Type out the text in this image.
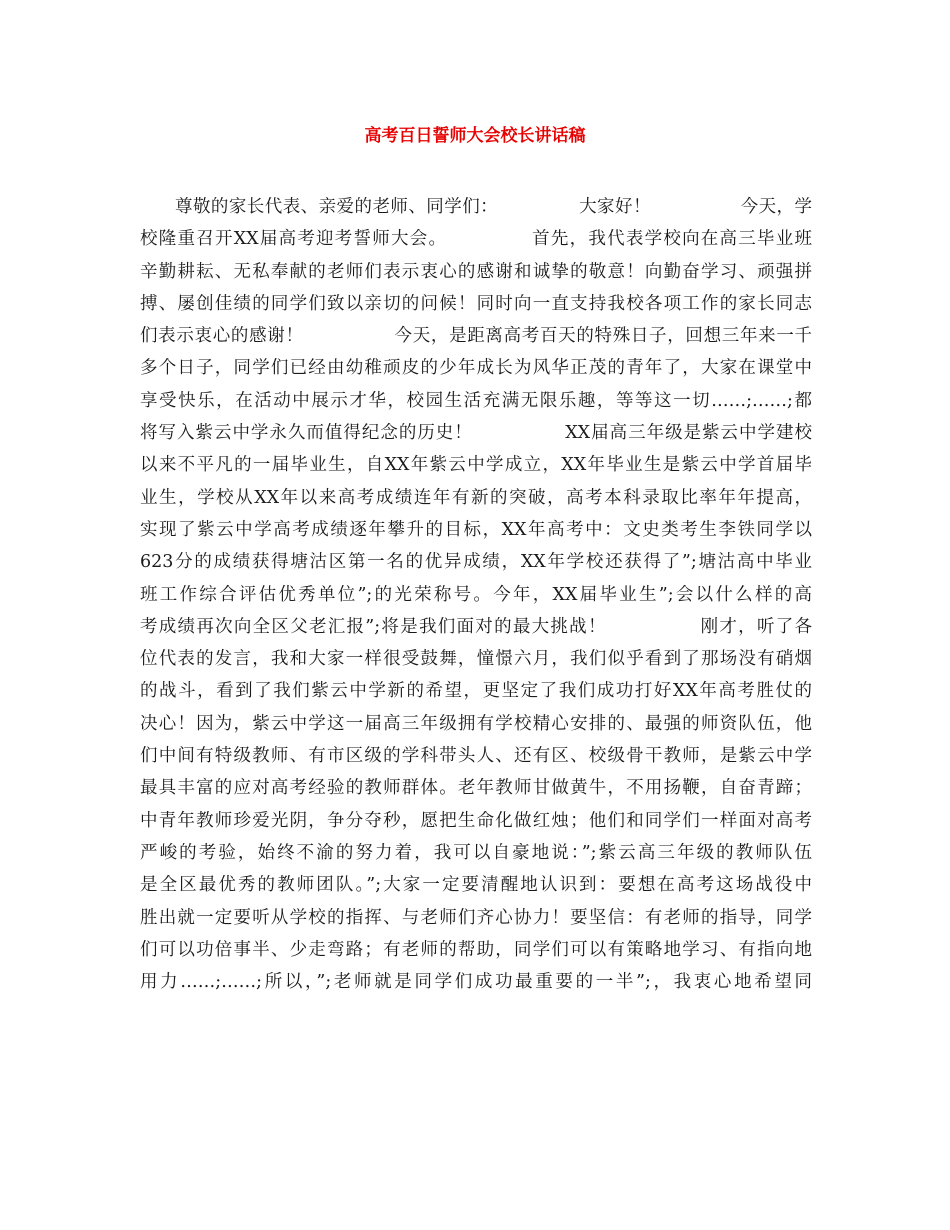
高考百日誓师大会校长讲话稿
尊敬的家长代表、亲爱的老师、同学们：　　　　　大家好！　　　　　今天，学
校隆重召开XX届高考迎考誓师大会。　　　　　首先，我代表学校向在高三毕业班
辛勤耕耘、无私奉献的老师们表示衷心的感谢和诚挚的敬意！向勤奋学习、顽强拼
搏、屡创佳绩的同学们致以亲切的问候！同时向一直支持我校各项工作的家长同志
们表示衷心的感谢！　　　　　今天，是距离高考百天的特殊日子，回想三年来一千
多个日子，同学们已经由幼稚顽皮的少年成长为风华正茂的青年了，大家在课堂中
享受快乐，在活动中展示才华，校园生活充满无限乐趣，等等这一切……;……;都
将写入紫云中学永久而值得纪念的历史！　　　　　XX届高三年级是紫云中学建校
以来不平凡的一届毕业生，自XX年紫云中学成立，XX年毕业生是紫云中学首届毕
业生，学校从XX年以来高考成绩连年有新的突破，高考本科录取比率年年提高，
实现了紫云中学高考成绩逐年攀升的目标，XX年高考中：文史类考生李铁同学以
623分的成绩获得塘沽区第一名的优异成绩，XX年学校还获得了”;塘沽高中毕业
班工作综合评估优秀单位”;的光荣称号。今年，XX届毕业生”;会以什么样的高
考成绩再次向全区父老汇报”;将是我们面对的最大挑战！　　　　　刚才，听了各
位代表的发言，我和大家一样很受鼓舞，憧憬六月，我们似乎看到了那场没有硝烟
的战斗，看到了我们紫云中学新的希望，更坚定了我们成功打好XX年高考胜仗的
决心！因为，紫云中学这一届高三年级拥有学校精心安排的、最强的师资队伍，他
们中间有特级教师、有市区级的学科带头人、还有区、校级骨干教师，是紫云中学
最具丰富的应对高考经验的教师群体。老年教师甘做黄牛，不用扬鞭，自奋青蹄；
中青年教师珍爱光阴，争分夺秒，愿把生命化做红烛；他们和同学们一样面对高考
严峻的考验，始终不渝的努力着，我可以自豪地说：”;紫云高三年级的教师队伍
是全区最优秀的教师团队。”;大家一定要清醒地认识到：要想在高考这场战役中
胜出就一定要听从学校的指挥、与老师们齐心协力！要坚信：有老师的指导，同学
们可以功倍事半、少走弯路；有老师的帮助，同学们可以有策略地学习、有指向地
用力……;……;所以，”;老师就是同学们成功最重要的一半”;，我衷心地希望同
